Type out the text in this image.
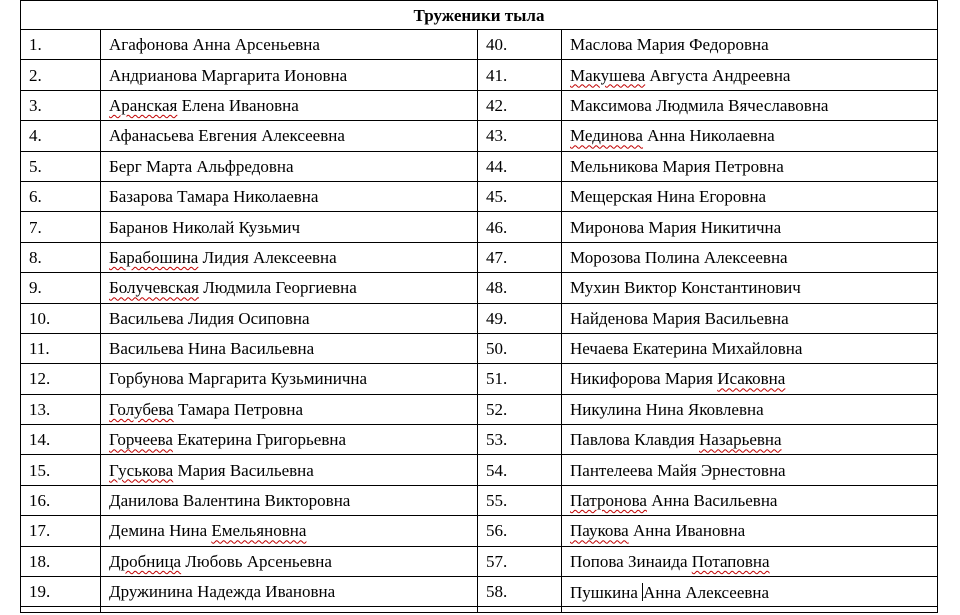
Труженики тыла			
1.	Агафонова Анна Арсеньевна	40.	Маслова Мария Федоровна
2.	Андрианова Маргарита Ионовна	41.	Макушева Августа Андреевна
3.	Аранская Елена Ивановна	42.	Максимова Людмила Вячеславовна
4.	Афанасьева Евгения Алексеевна	43.	Мединова Анна Николаевна
5.	Берг Марта Альфредовна	44.	Мельникова Мария Петровна
6.	Базарова Тамара Николаевна	45.	Мещерская Нина Егоровна
7.	Баранов Николай Кузьмич	46.	Миронова Мария Никитична
8.	Барабошина Лидия Алексеевна	47.	Морозова Полина Алексеевна
9.	Болучевская Людмила Георгиевна	48.	Мухин Виктор Константинович
10.	Васильева Лидия Осиповна	49.	Найденова Мария Васильевна
11.	Васильева Нина Васильевна	50.	Нечаева Екатерина Михайловна
12.	Горбунова Маргарита Кузьминична	51.	Никифорова Мария Исаковна
13.	Голубева Тамара Петровна	52.	Никулина Нина Яковлевна
14.	Горчеева Екатерина Григорьевна	53.	Павлова Клавдия Назарьевна
15.	Гуськова Мария Васильевна	54.	Пантелеева Майя Эрнестовна
16.	Данилова Валентина Викторовна	55.	Патронова Анна Васильевна
17.	Демина Нина Емельяновна	56.	Паукова Анна Ивановна
18.	Дробница Любовь Арсеньевна	57.	Попова Зинаида Потаповна
19.	Дружинина Надежда Ивановна	58.	Пушкина Анна Алексеевна
